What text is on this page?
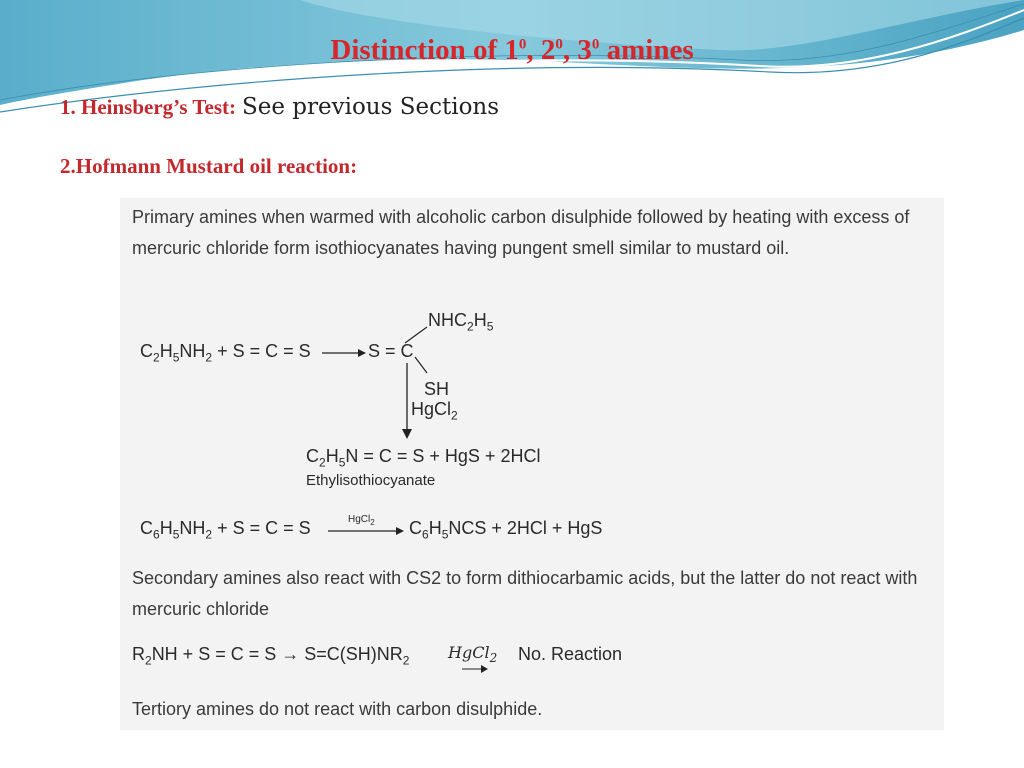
Distinction of $1^0$, $2^0$, $3^0$ amines
1. Heinsberg’s Test: See previous Sections
2.Hofmann Mustard oil reaction:
Primary amines when warmed with alcoholic carbon disulphide followed by heating with excess of mercuric chloride form isothiocyanates having pungent smell similar to mustard oil.
$C_2H_5NH_2 + S = C = S \to S = C$
$NHC_2H_5$
SH
HgCl$_2$
$C_2H_5N = C = S$ + HgS + 2HCl
Ethylisothiocyanate
$C_6H_5NH_2 + S = C = S$	HgCl$_2$ $C_6H_5NCS + 2HCl$ + HgS
Secondary amines also react with CS2 to form dithiocarbamic acids, but the latter do not react with mercuric chloride
$R_2NH + S = C = S \to S=C(SH)NR_2$ HgCl$_2$ No. Reaction
Tertiory amines do not react with carbon disulphide.
